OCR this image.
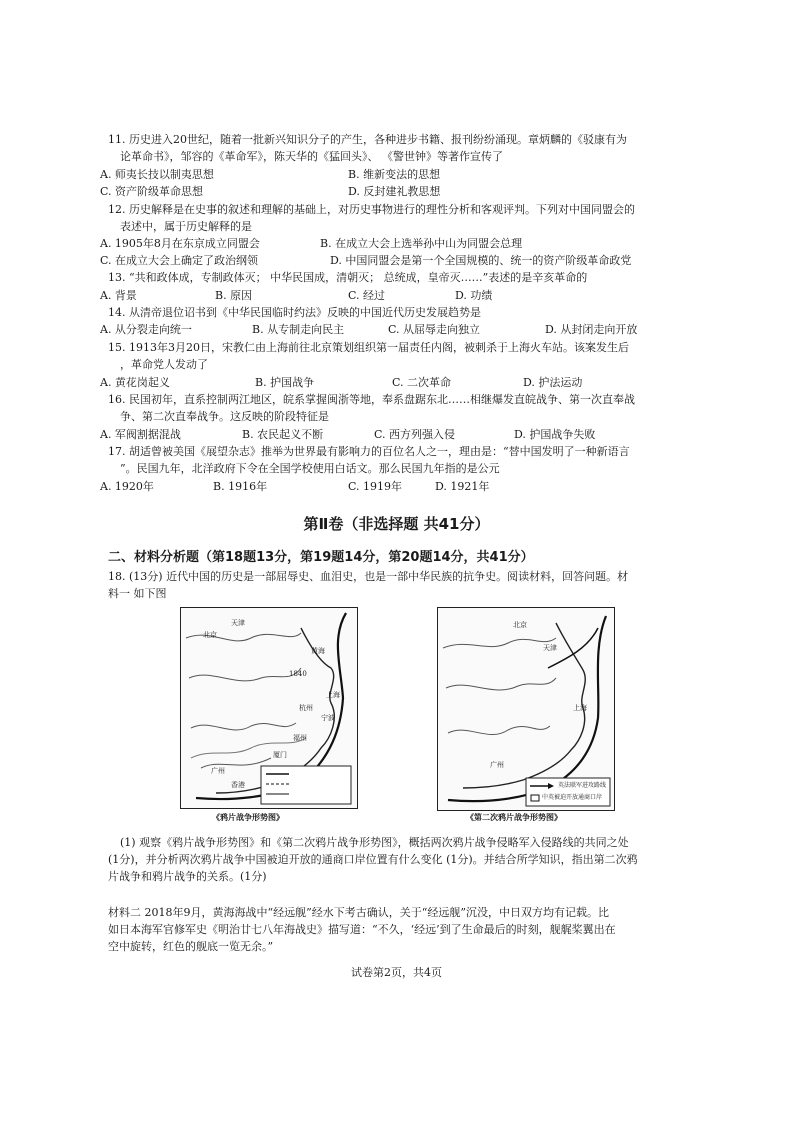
11. 历史进入20世纪，随着一批新兴知识分子的产生，各种进步书籍、报刊纷纷涌现。章炳麟的《驳康有为
论革命书》，邹容的《革命军》，陈天华的《猛回头》、 《警世钟》等著作宣传了
A. 师夷长技以制夷思想	B. 维新变法的思想
C. 资产阶级革命思想	D. 反封建礼教思想
12. 历史解释是在史事的叙述和理解的基础上，对历史事物进行的理性分析和客观评判。下列对中国同盟会的
表述中，属于历史解释的是
A. 1905年8月在东京成立同盟会	B. 在成立大会上选举孙中山为同盟会总理
C. 在成立大会上确定了政治纲领	D. 中国同盟会是第一个全国规模的、统一的资产阶级革命政党
13. “共和政体成，专制政体灭； 中华民国成，清朝灭； 总统成，皇帝灭……”表述的是辛亥革命的
A. 背景	B. 原因	C. 经过	D. 功绩
14. 从清帝退位诏书到《中华民国临时约法》反映的中国近代历史发展趋势是
A. 从分裂走向统一	B. 从专制走向民主	C. 从屈辱走向独立	D. 从封闭走向开放
15. 1913年3月20日，宋教仁由上海前往北京策划组织第一届责任内阁，被刺杀于上海火车站。该案发生后
，革命党人发动了
A. 黄花岗起义	B. 护国战争	C. 二次革命	D. 护法运动
16. 民国初年，直系控制两江地区，皖系掌握闽浙等地，奉系盘踞东北……相继爆发直皖战争、第一次直奉战
争、第二次直奉战争。这反映的阶段特征是
A. 军阀割据混战	B. 农民起义不断	C. 西方列强入侵	D. 护国战争失败
17. 胡适曾被美国《展望杂志》推举为世界最有影响力的百位名人之一，理由是：“替中国发明了一种新语言
”。民国九年，北洋政府下令在全国学校使用白话文。那么民国九年指的是公元
A. 1920年	B. 1916年	C. 1919年	D. 1921年
第Ⅱ卷（非选择题 共41分）
二、材料分析题（第18题13分，第19题14分，第20题14分，共41分）
18. (13分) 近代中国的历史是一部屈辱史、血泪史，也是一部中华民族的抗争史。阅读材料，回答问题。材
料一 如下图
天津
北京
1840
黄海
上海
杭州
宁波
福州
厦门
广州
香港
《鸦片战争形势图》
北京
天津
上海
广州
英法联军进攻路线
中英被迫开放通商口岸
《第二次鸦片战争形势图》
(1) 观察《鸦片战争形势图》和《第二次鸦片战争形势图》，概括两次鸦片战争侵略军入侵路线的共同之处
(1分)，并分析两次鸦片战争中国被迫开放的通商口岸位置有什么变化 (1分)。并结合所学知识，指出第二次鸦
片战争和鸦片战争的关系。(1分)
材料二 2018年9月，黄海海战中“经远舰”经水下考古确认，关于“经远舰”沉没，中日双方均有记载。比
如日本海军官修军史《明治廿七八年海战史》描写道：“不久，‘经远’到了生命最后的时刻，舰艉桨翼出在
空中旋转，红色的舰底一览无余。”
试卷第2页，共4页
